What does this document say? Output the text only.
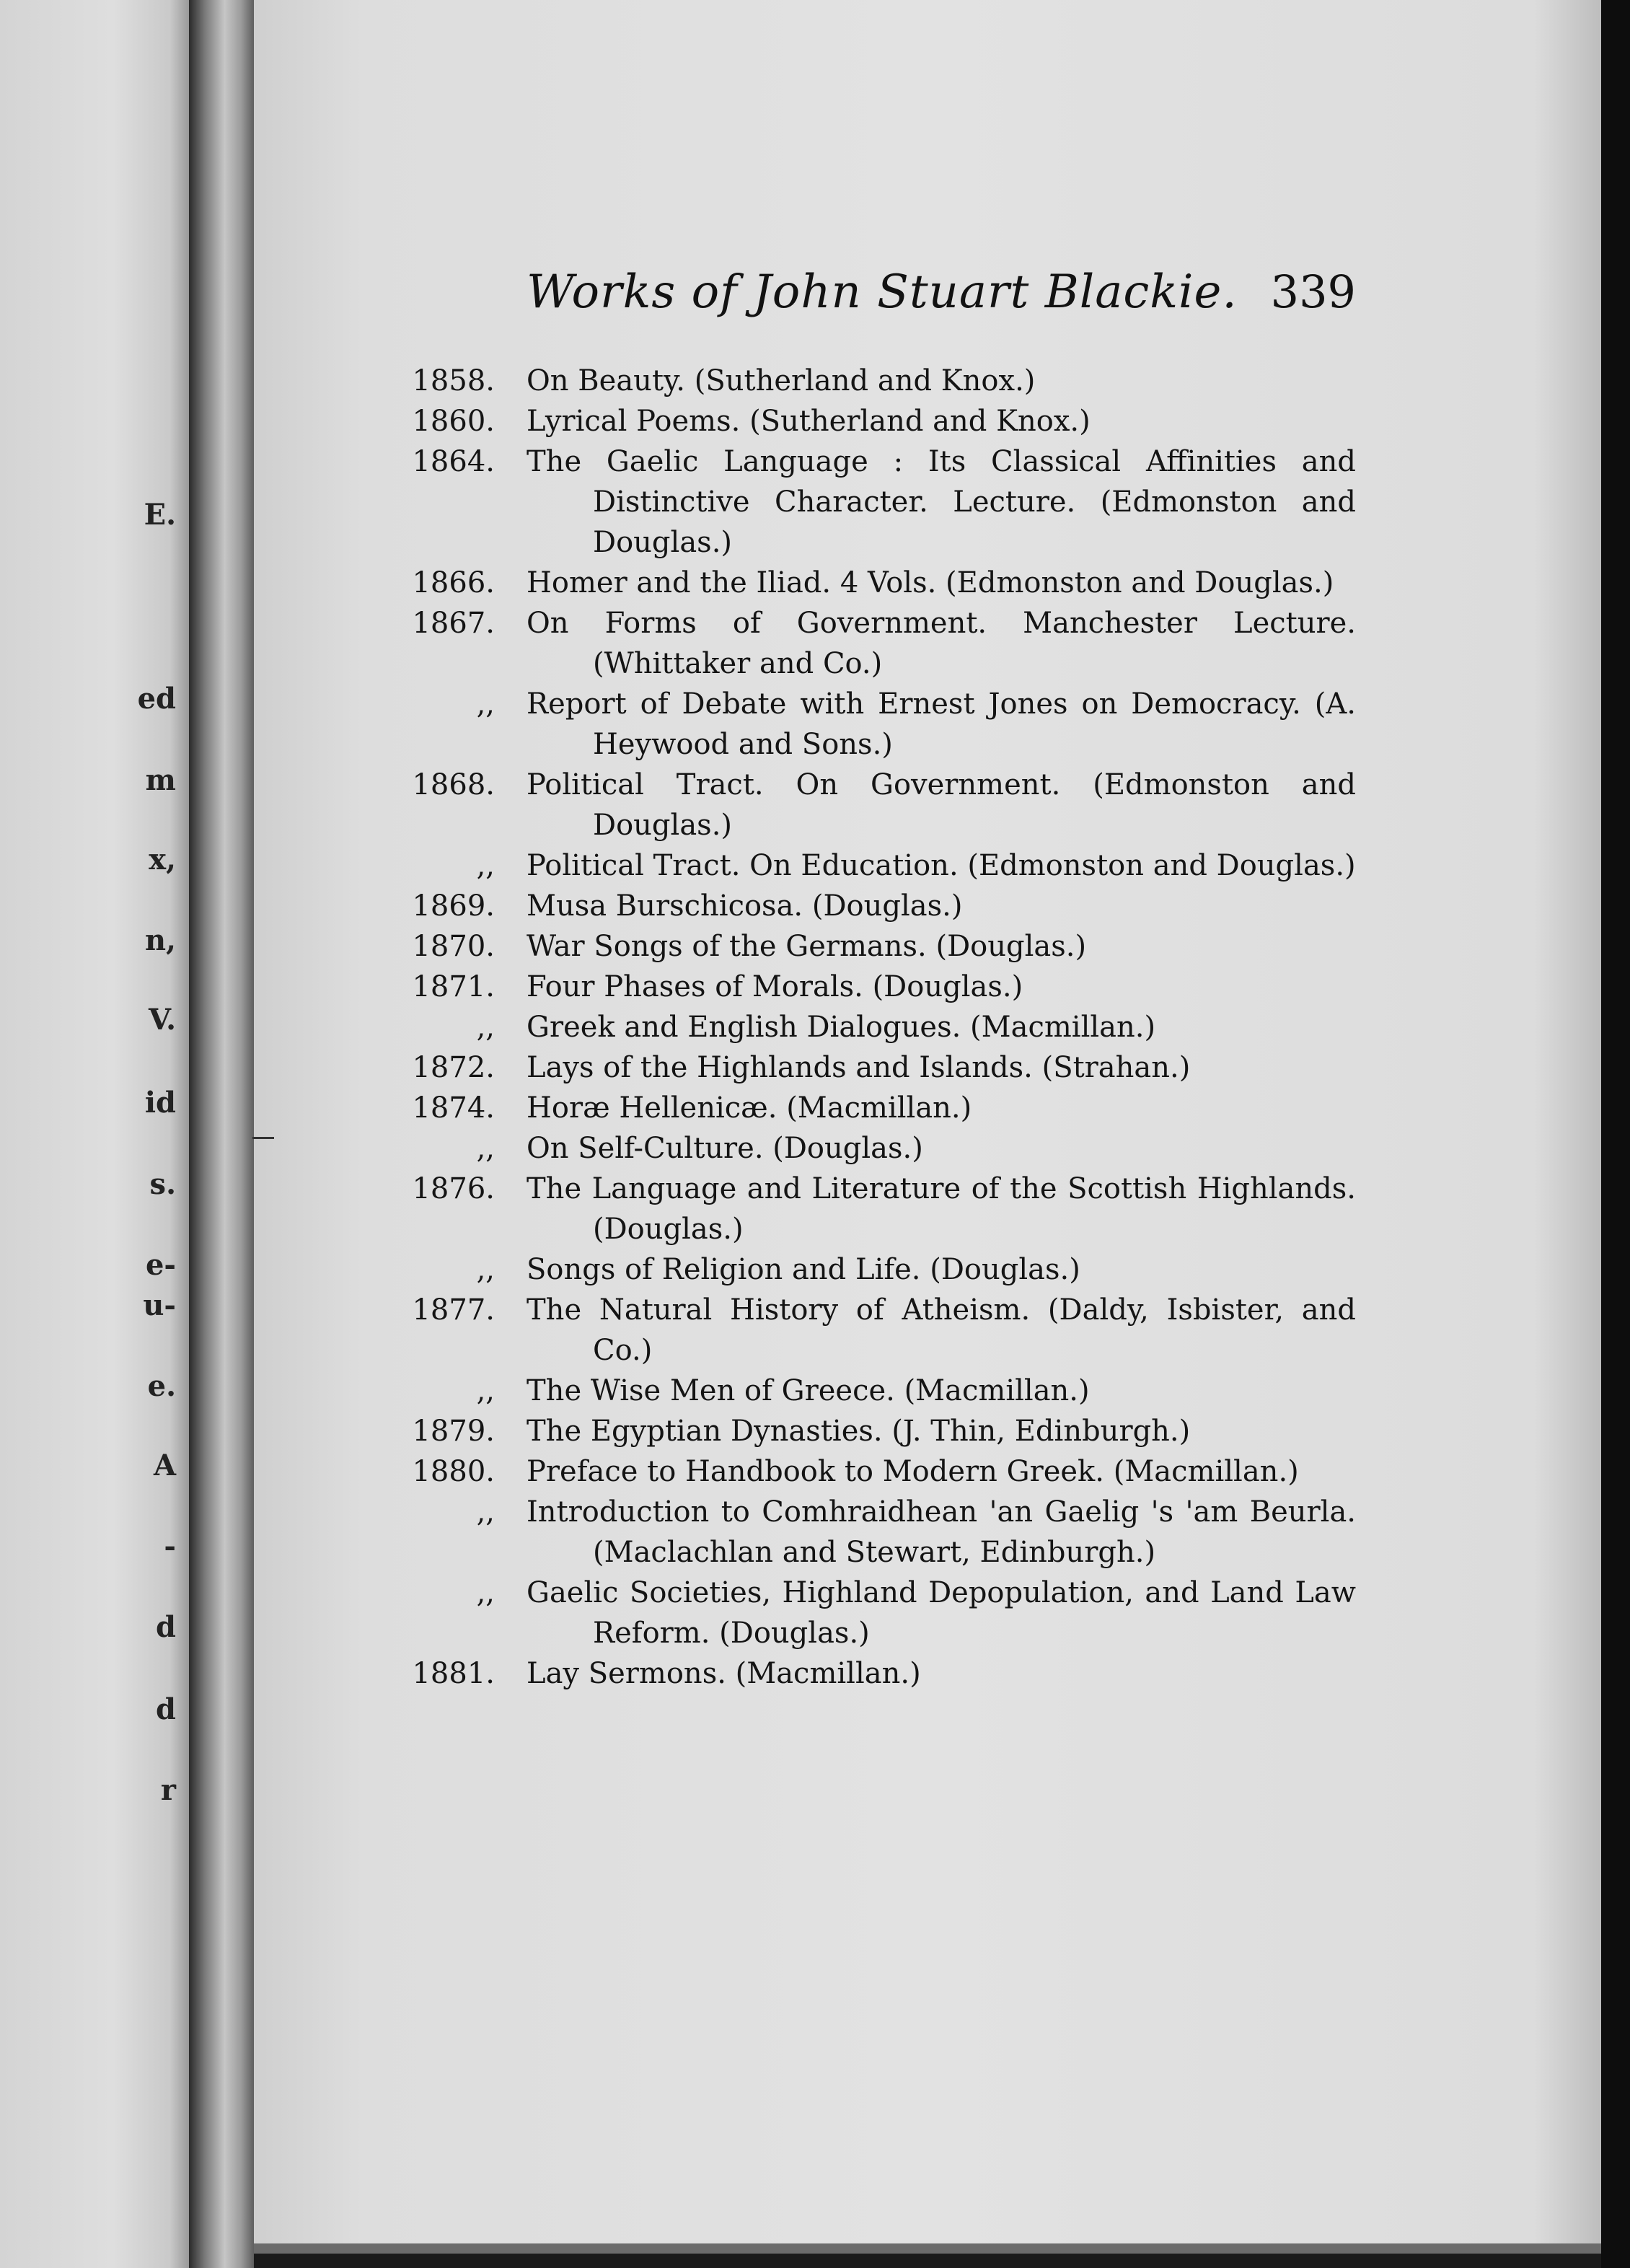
E.
ed
m
x,
n,
V.
id
s.
e-
u-
e.
A
-
d
d
r
Works of John Stuart Blackie. 339

1858.	On Beauty. (Sutherland and Knox.)

1860.	Lyrical Poems. (Sutherland and Knox.)

1864.	The Gaelic Language : Its Classical Affinities and Distinctive Character. Lecture. (Edmonston and Douglas.)

1866.	Homer and the Iliad. 4 Vols. (Edmonston and Douglas.)

1867.	On Forms of Government. Manchester Lecture. (Whittaker and Co.)

,,	Report of Debate with Ernest Jones on Democracy. (A. Heywood and Sons.)

1868.	Political Tract. On Government. (Edmonston and Douglas.)

,,	Political Tract. On Education. (Edmonston and Douglas.)

1869.	Musa Burschicosa. (Douglas.)

1870.	War Songs of the Germans. (Douglas.)

1871.	Four Phases of Morals. (Douglas.)

,,	Greek and English Dialogues. (Macmillan.)

1872.	Lays of the Highlands and Islands. (Strahan.)

1874.	Horæ Hellenicæ. (Macmillan.)

,,	On Self-Culture. (Douglas.)

1876.	The Language and Literature of the Scottish Highlands. (Douglas.)

,,	Songs of Religion and Life. (Douglas.)

1877.	The Natural History of Atheism. (Daldy, Isbister, and Co.)

,,	The Wise Men of Greece. (Macmillan.)

1879.	The Egyptian Dynasties. (J. Thin, Edinburgh.)

1880.	Preface to Handbook to Modern Greek. (Macmillan.)

,,	Introduction to Comhraidhean 'an Gaelig 's 'am Beurla. (Maclachlan and Stewart, Edinburgh.)

,,	Gaelic Societies, Highland Depopulation, and Land Law Reform. (Douglas.)

1881.	Lay Sermons. (Macmillan.)
